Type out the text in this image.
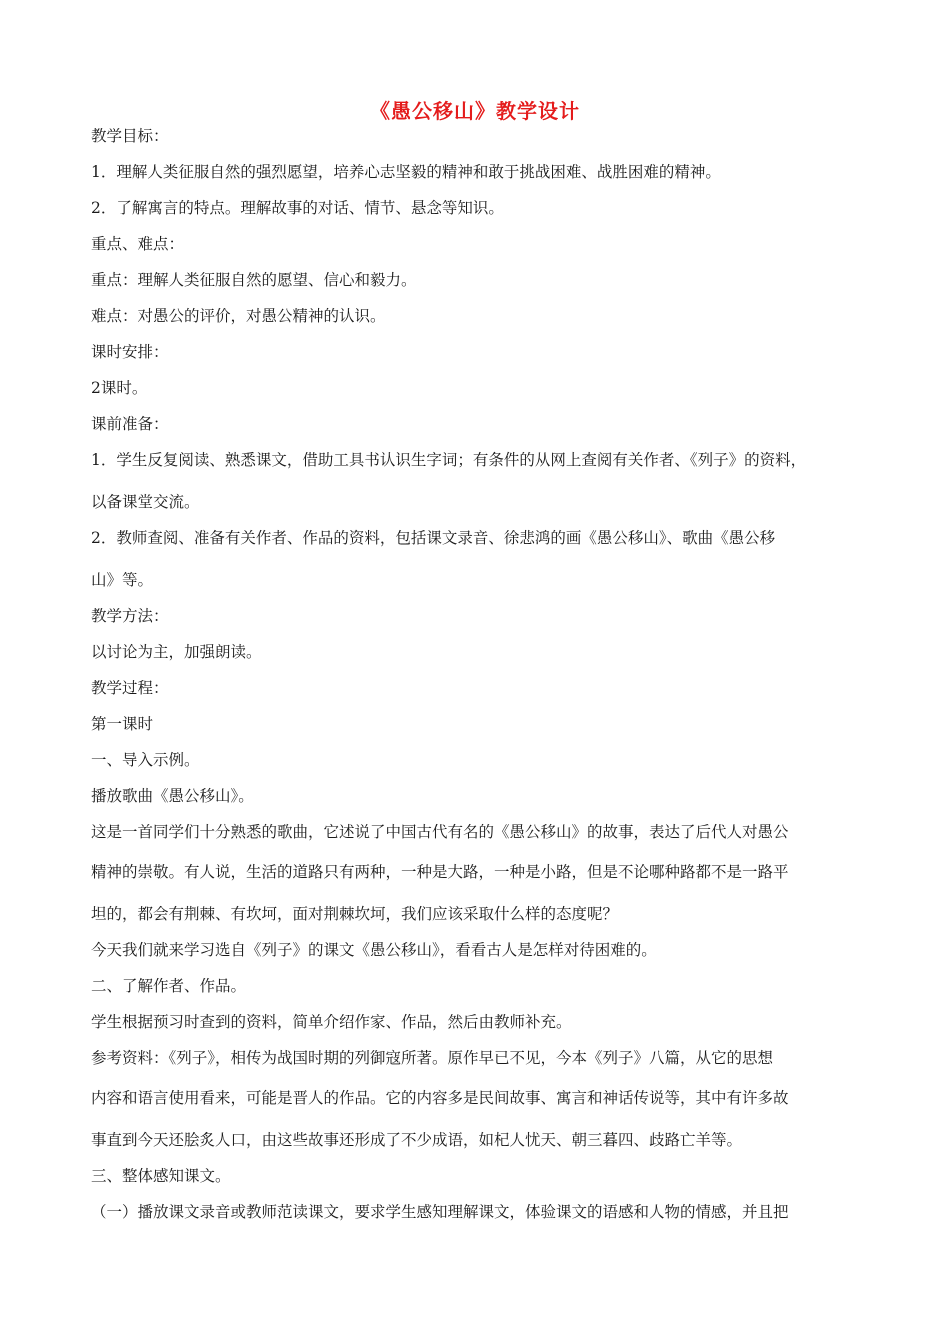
《愚公移山》教学设计
教学目标：
1．理解人类征服自然的强烈愿望，培养心志坚毅的精神和敢于挑战困难、战胜困难的精神。
2．了解寓言的特点。理解故事的对话、情节、悬念等知识。
重点、难点：
重点：理解人类征服自然的愿望、信心和毅力。
难点：对愚公的评价，对愚公精神的认识。
课时安排：
2课时。
课前准备：
1．学生反复阅读、熟悉课文，借助工具书认识生字词；有条件的从网上查阅有关作者、《列子》的资料，
以备课堂交流。
2．教师查阅、准备有关作者、作品的资料，包括课文录音、徐悲鸿的画《愚公移山》、歌曲《愚公移
山》等。
教学方法：
以讨论为主，加强朗读。
教学过程：
第一课时
一、导入示例。
播放歌曲《愚公移山》。
这是一首同学们十分熟悉的歌曲，它述说了中国古代有名的《愚公移山》的故事，表达了后代人对愚公
精神的崇敬。有人说，生活的道路只有两种，一种是大路，一种是小路，但是不论哪种路都不是一路平
坦的，都会有荆棘、有坎坷，面对荆棘坎坷，我们应该采取什么样的态度呢？
今天我们就来学习选自《列子》的课文《愚公移山》，看看古人是怎样对待困难的。
二、了解作者、作品。
学生根据预习时查到的资料，简单介绍作家、作品，然后由教师补充。
参考资料：《列子》，相传为战国时期的列御寇所著。原作早已不见，今本《列子》八篇，从它的思想
内容和语言使用看来，可能是晋人的作品。它的内容多是民间故事、寓言和神话传说等，其中有许多故
事直到今天还脍炙人口，由这些故事还形成了不少成语，如杞人忧天、朝三暮四、歧路亡羊等。
三、整体感知课文。
（一）播放课文录音或教师范读课文，要求学生感知理解课文，体验课文的语感和人物的情感，并且把
